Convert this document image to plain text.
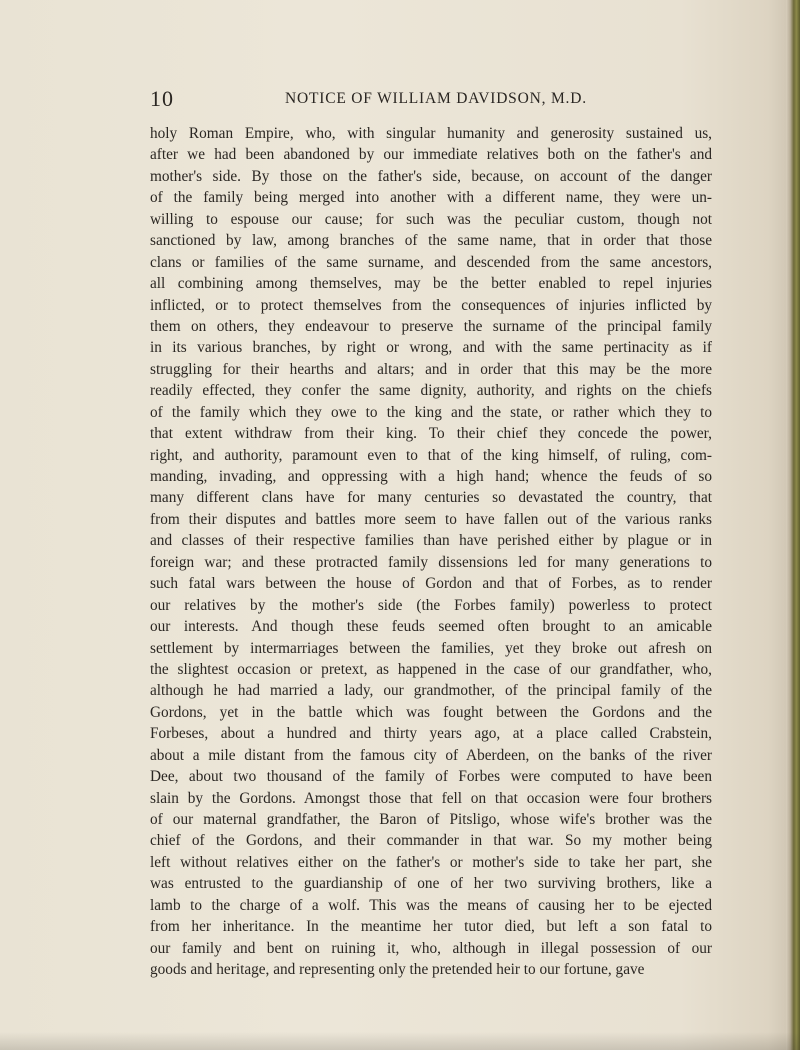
10	NOTICE OF WILLIAM DAVIDSON, M.D.
holy Roman Empire, who, with singular humanity and generosity sustained us,
after we had been abandoned by our immediate relatives both on the father's and
mother's side. By those on the father's side, because, on account of the danger
of the family being merged into another with a different name, they were un-
willing to espouse our cause; for such was the peculiar custom, though not
sanctioned by law, among branches of the same name, that in order that those
clans or families of the same surname, and descended from the same ancestors,
all combining among themselves, may be the better enabled to repel injuries
inflicted, or to protect themselves from the consequences of injuries inflicted by
them on others, they endeavour to preserve the surname of the principal family
in its various branches, by right or wrong, and with the same pertinacity as if
struggling for their hearths and altars; and in order that this may be the more
readily effected, they confer the same dignity, authority, and rights on the chiefs
of the family which they owe to the king and the state, or rather which they to
that extent withdraw from their king. To their chief they concede the power,
right, and authority, paramount even to that of the king himself, of ruling, com-
manding, invading, and oppressing with a high hand; whence the feuds of so
many different clans have for many centuries so devastated the country, that
from their disputes and battles more seem to have fallen out of the various ranks
and classes of their respective families than have perished either by plague or in
foreign war; and these protracted family dissensions led for many generations to
such fatal wars between the house of Gordon and that of Forbes, as to render
our relatives by the mother's side (the Forbes family) powerless to protect
our interests. And though these feuds seemed often brought to an amicable
settlement by intermarriages between the families, yet they broke out afresh on
the slightest occasion or pretext, as happened in the case of our grandfather, who,
although he had married a lady, our grandmother, of the principal family of the
Gordons, yet in the battle which was fought between the Gordons and the
Forbeses, about a hundred and thirty years ago, at a place called Crabstein,
about a mile distant from the famous city of Aberdeen, on the banks of the river
Dee, about two thousand of the family of Forbes were computed to have been
slain by the Gordons. Amongst those that fell on that occasion were four brothers
of our maternal grandfather, the Baron of Pitsligo, whose wife's brother was the
chief of the Gordons, and their commander in that war. So my mother being
left without relatives either on the father's or mother's side to take her part, she
was entrusted to the guardianship of one of her two surviving brothers, like a
lamb to the charge of a wolf. This was the means of causing her to be ejected
from her inheritance. In the meantime her tutor died, but left a son fatal to
our family and bent on ruining it, who, although in illegal possession of our
goods and heritage, and representing only the pretended heir to our fortune, gave
